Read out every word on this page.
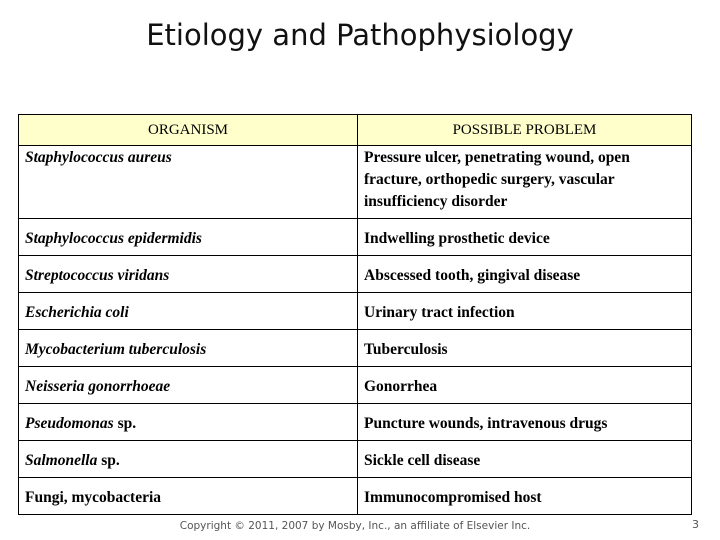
Etiology and Pathophysiology
ORGANISM	POSSIBLE PROBLEM
Staphylococcus aureus	Pressure ulcer, penetrating wound, open fracture, orthopedic surgery, vascular insufficiency disorder
Staphylococcus epidermidis	Indwelling prosthetic device
Streptococcus viridans	Abscessed tooth, gingival disease
Escherichia coli	Urinary tract infection
Mycobacterium tuberculosis	Tuberculosis
Neisseria gonorrhoeae	Gonorrhea
Pseudomonas sp.	Puncture wounds, intravenous drugs
Salmonella sp.	Sickle cell disease
Fungi, mycobacteria	Immunocompromised host
Copyright © 2011, 2007 by Mosby, Inc., an affiliate of Elsevier Inc.	3
